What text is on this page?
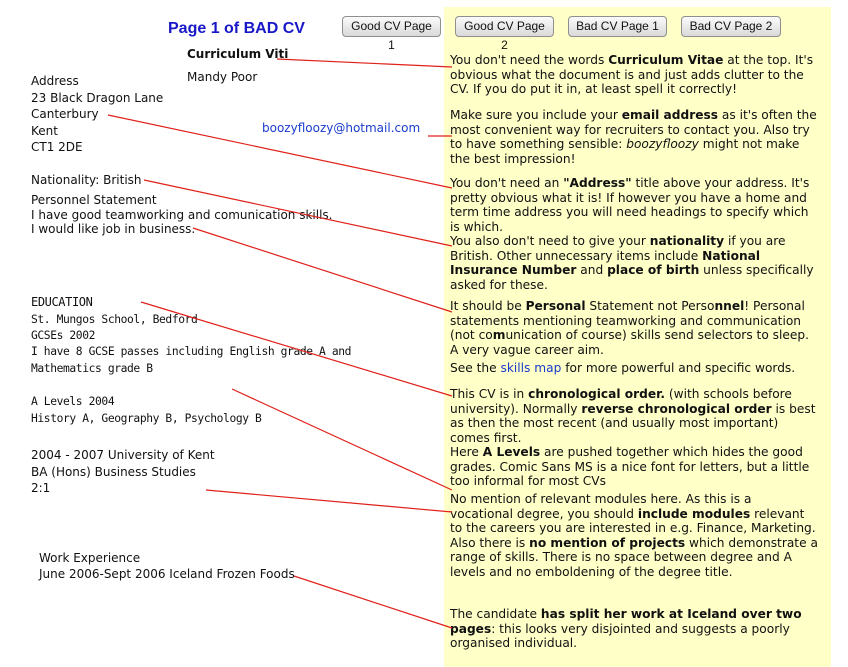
Page 1 of BAD CV	Good CV Page 1
Good CV Page 2
Bad CV Page 1	Bad CV Page 2
Curriculum Viti
Mandy Poor
Address
23 Black Dragon Lane
Canterbury
Kent
CT1 2DE
boozyfloozy@hotmail.com
Nationality: British
Personnel Statement
I have good teamworking and comunication skills.
I would like job in business.
EDUCATION
St. Mungos School, Bedford
GCSEs 2002
I have 8 GCSE passes including English grade A and
Mathematics grade B
A Levels 2004
History A, Geography B, Psychology B
2004 - 2007 University of Kent
BA (Hons) Business Studies
2:1
Work Experience
June 2006-Sept 2006 Iceland Frozen Foods
You don't need the words Curriculum Vitae at the top. It's obvious what the document is and just adds clutter to the CV. If you do put it in, at least spell it correctly!
Make sure you include your email address as it's often the most convenient way for recruiters to contact you. Also try to have something sensible: boozyfloozy might not make the best impression!
You don't need an "Address" title above your address. It's pretty obvious what it is! If however you have a home and term time address you will need headings to specify which is which.
You also don't need to give your nationality if you are British. Other unnecessary items include National Insurance Number and place of birth unless specifically asked for these.
It should be Personal Statement not Personnel! Personal statements mentioning teamworking and communication (not comunication of course) skills send selectors to sleep. A very vague career aim.
See the skills map for more powerful and specific words.
This CV is in chronological order. (with schools before university). Normally reverse chronological order is best as then the most recent (and usually most important) comes first.
Here A Levels are pushed together which hides the good grades. Comic Sans MS is a nice font for letters, but a little too informal for most CVs
No mention of relevant modules here. As this is a vocational degree, you should include modules relevant to the careers you are interested in e.g. Finance, Marketing. Also there is no mention of projects which demonstrate a range of skills. There is no space between degree and A levels and no emboldening of the degree title.
The candidate has split her work at Iceland over two pages: this looks very disjointed and suggests a poorly organised individual.
